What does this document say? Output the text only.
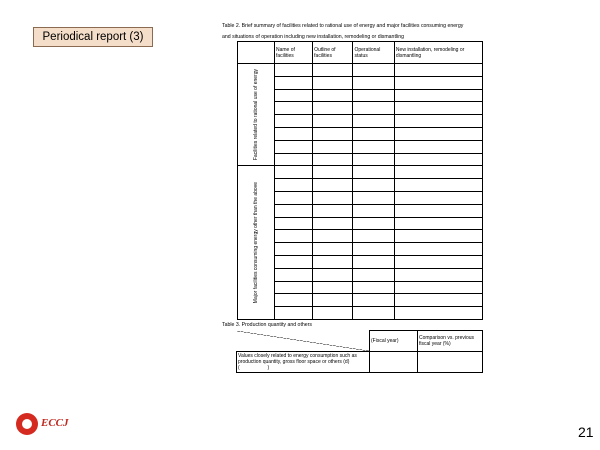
Periodical report (3)
Table 2. Brief summary of facilities related to rational use of energy and major facilities consuming energy
and situations of operation including new installation, remodeling or dismantling
	Name of facilities	Outline of facilities	Operational status	New installation, remodeling or dismantling

Facilities related to rational use of energy				

Major facilities consuming energy other than the above				

Table 3. Production quantity and others
	(Fiscal year)	Comparison vs. previous fiscal year (%)

Values closely related to energy consumption such as production quantity, gross floor space or others (d)
(                    )		

ECCJ
21
